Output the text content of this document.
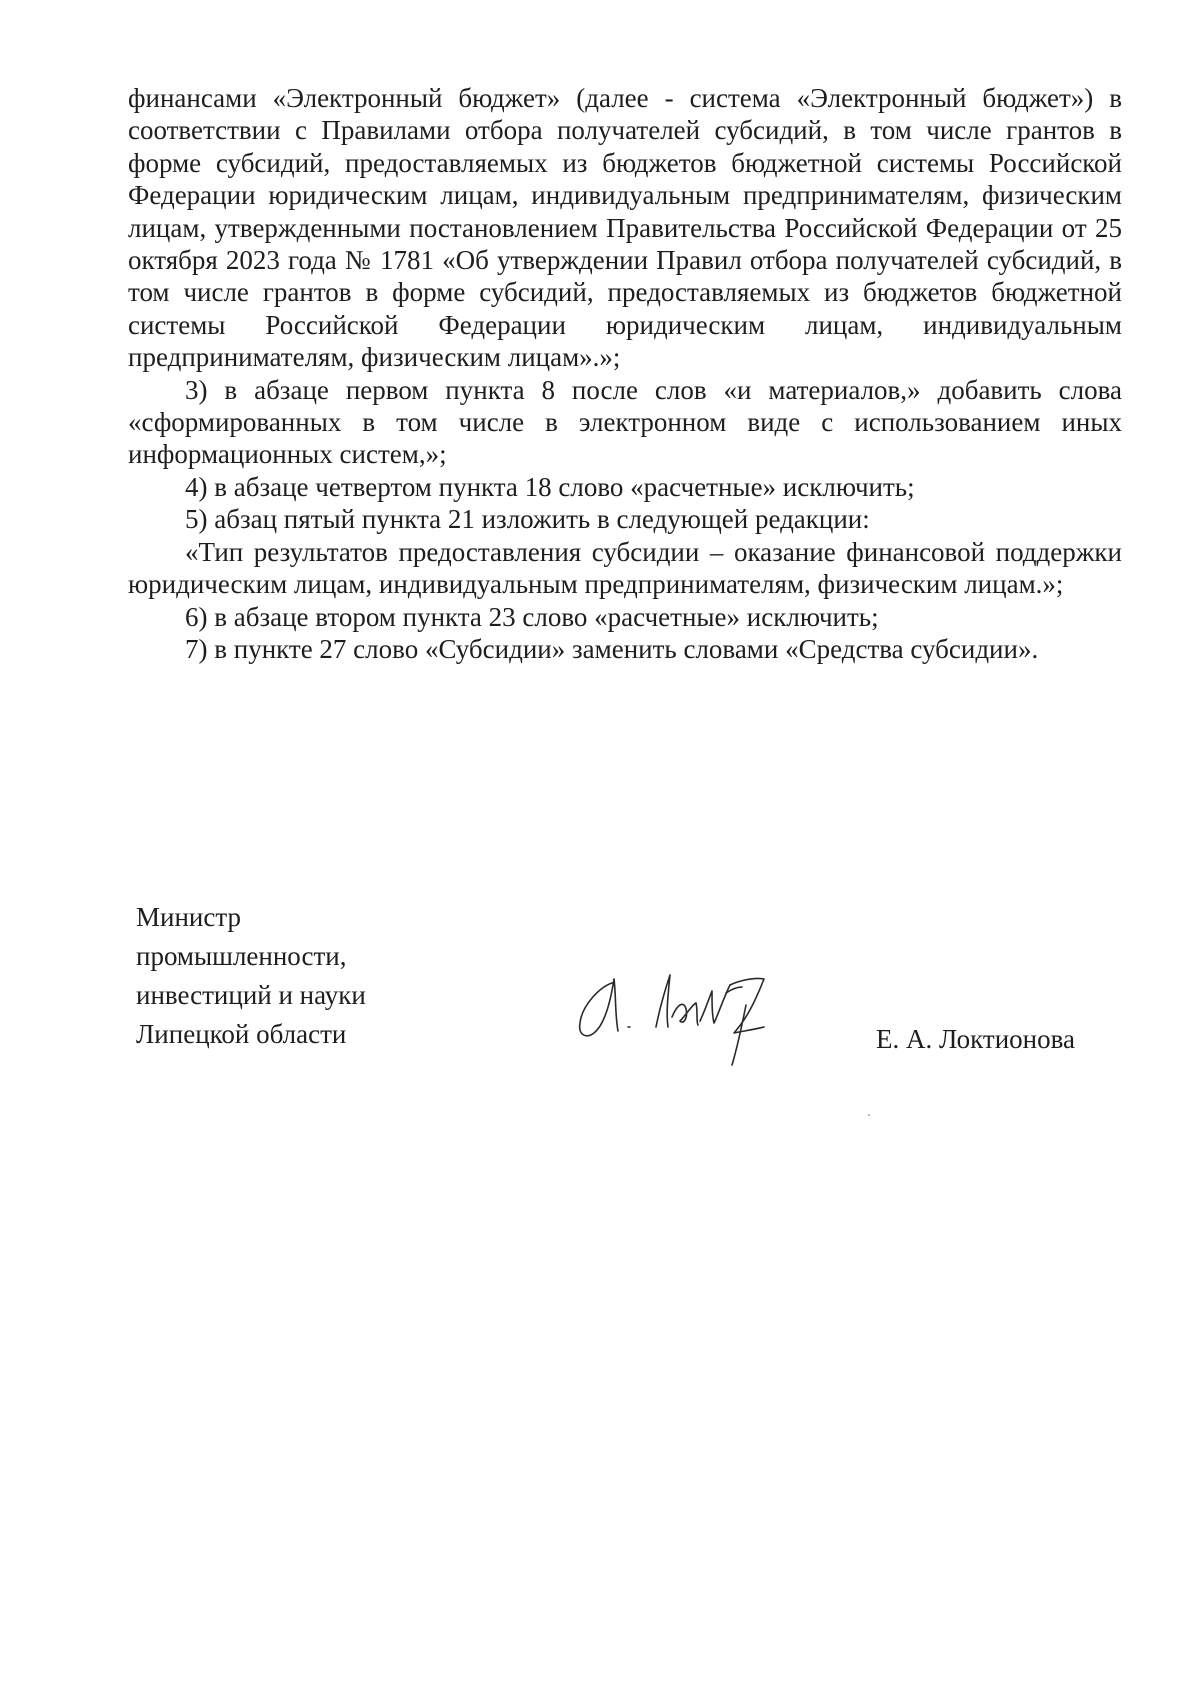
финансами «Электронный бюджет» (далее - система «Электронный бюджет») в соответствии с Правилами отбора получателей субсидий, в том числе грантов в форме субсидий, предоставляемых из бюджетов бюджетной системы Российской Федерации юридическим лицам, индивидуальным предпринимателям, физическим лицам, утвержденными постановлением Правительства Российской Федерации от 25 октября 2023 года № 1781 «Об утверждении Правил отбора получателей субсидий, в том числе грантов в форме субсидий, предоставляемых из бюджетов бюджетной системы Российской Федерации юридическим лицам, индивидуальным предпринимателям, физическим лицам».»;

3) в абзаце первом пункта 8 после слов «и материалов,» добавить слова «сформированных в том числе в электронном виде с использованием иных информационных систем,»;

4) в абзаце четвертом пункта 18 слово «расчетные» исключить;

5) абзац пятый пункта 21 изложить в следующей редакции:

«Тип результатов предоставления субсидии – оказание финансовой поддержки юридическим лицам, индивидуальным предпринимателям, физическим лицам.»;

6) в абзаце втором пункта 23 слово «расчетные» исключить;

7) в пункте 27 слово «Субсидии» заменить словами «Средства субсидии».

Министр
промышленности,
инвестиций и науки
Липецкой области	Е. А. Локтионова
